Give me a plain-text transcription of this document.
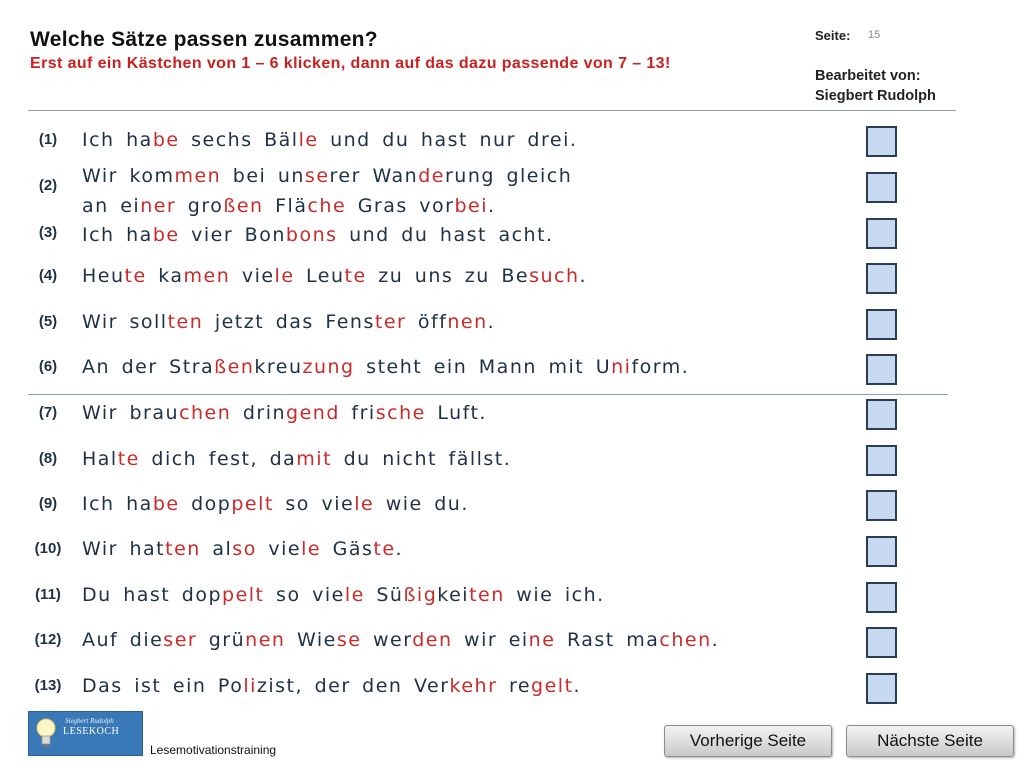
Welche Sätze passen zusammen?
Erst auf ein Kästchen von 1 – 6 klicken, dann auf das dazu passende von 7 – 13!
Seite: 15
Bearbeitet von:
Siegbert Rudolph
(1)	Ich habe sechs Bälle und du hast nur drei.
(2)	Wir kommen bei unserer Wanderung gleich
an einer großen Fläche Gras vorbei.
(3)	Ich habe vier Bonbons und du hast acht.
(4)	Heute kamen viele Leute zu uns zu Besuch.
(5)	Wir sollten jetzt das Fenster öffnen.
(6)	An der Straßenkreuzung steht ein Mann mit Uniform.
(7)	Wir brauchen dringend frische Luft.
(8)	Halte dich fest, damit du nicht fällst.
(9)	Ich habe doppelt so viele wie du.
(10)	Wir hatten also viele Gäste.
(11)	Du hast doppelt so viele Süßigkeiten wie ich.
(12)	Auf dieser grünen Wiese werden wir eine Rast machen.
(13)	Das ist ein Polizist, der den Verkehr regelt.
Siegbert Rudolph
LESEKOCH
Lesemotivationstraining	Vorherige Seite	Nächste Seite
